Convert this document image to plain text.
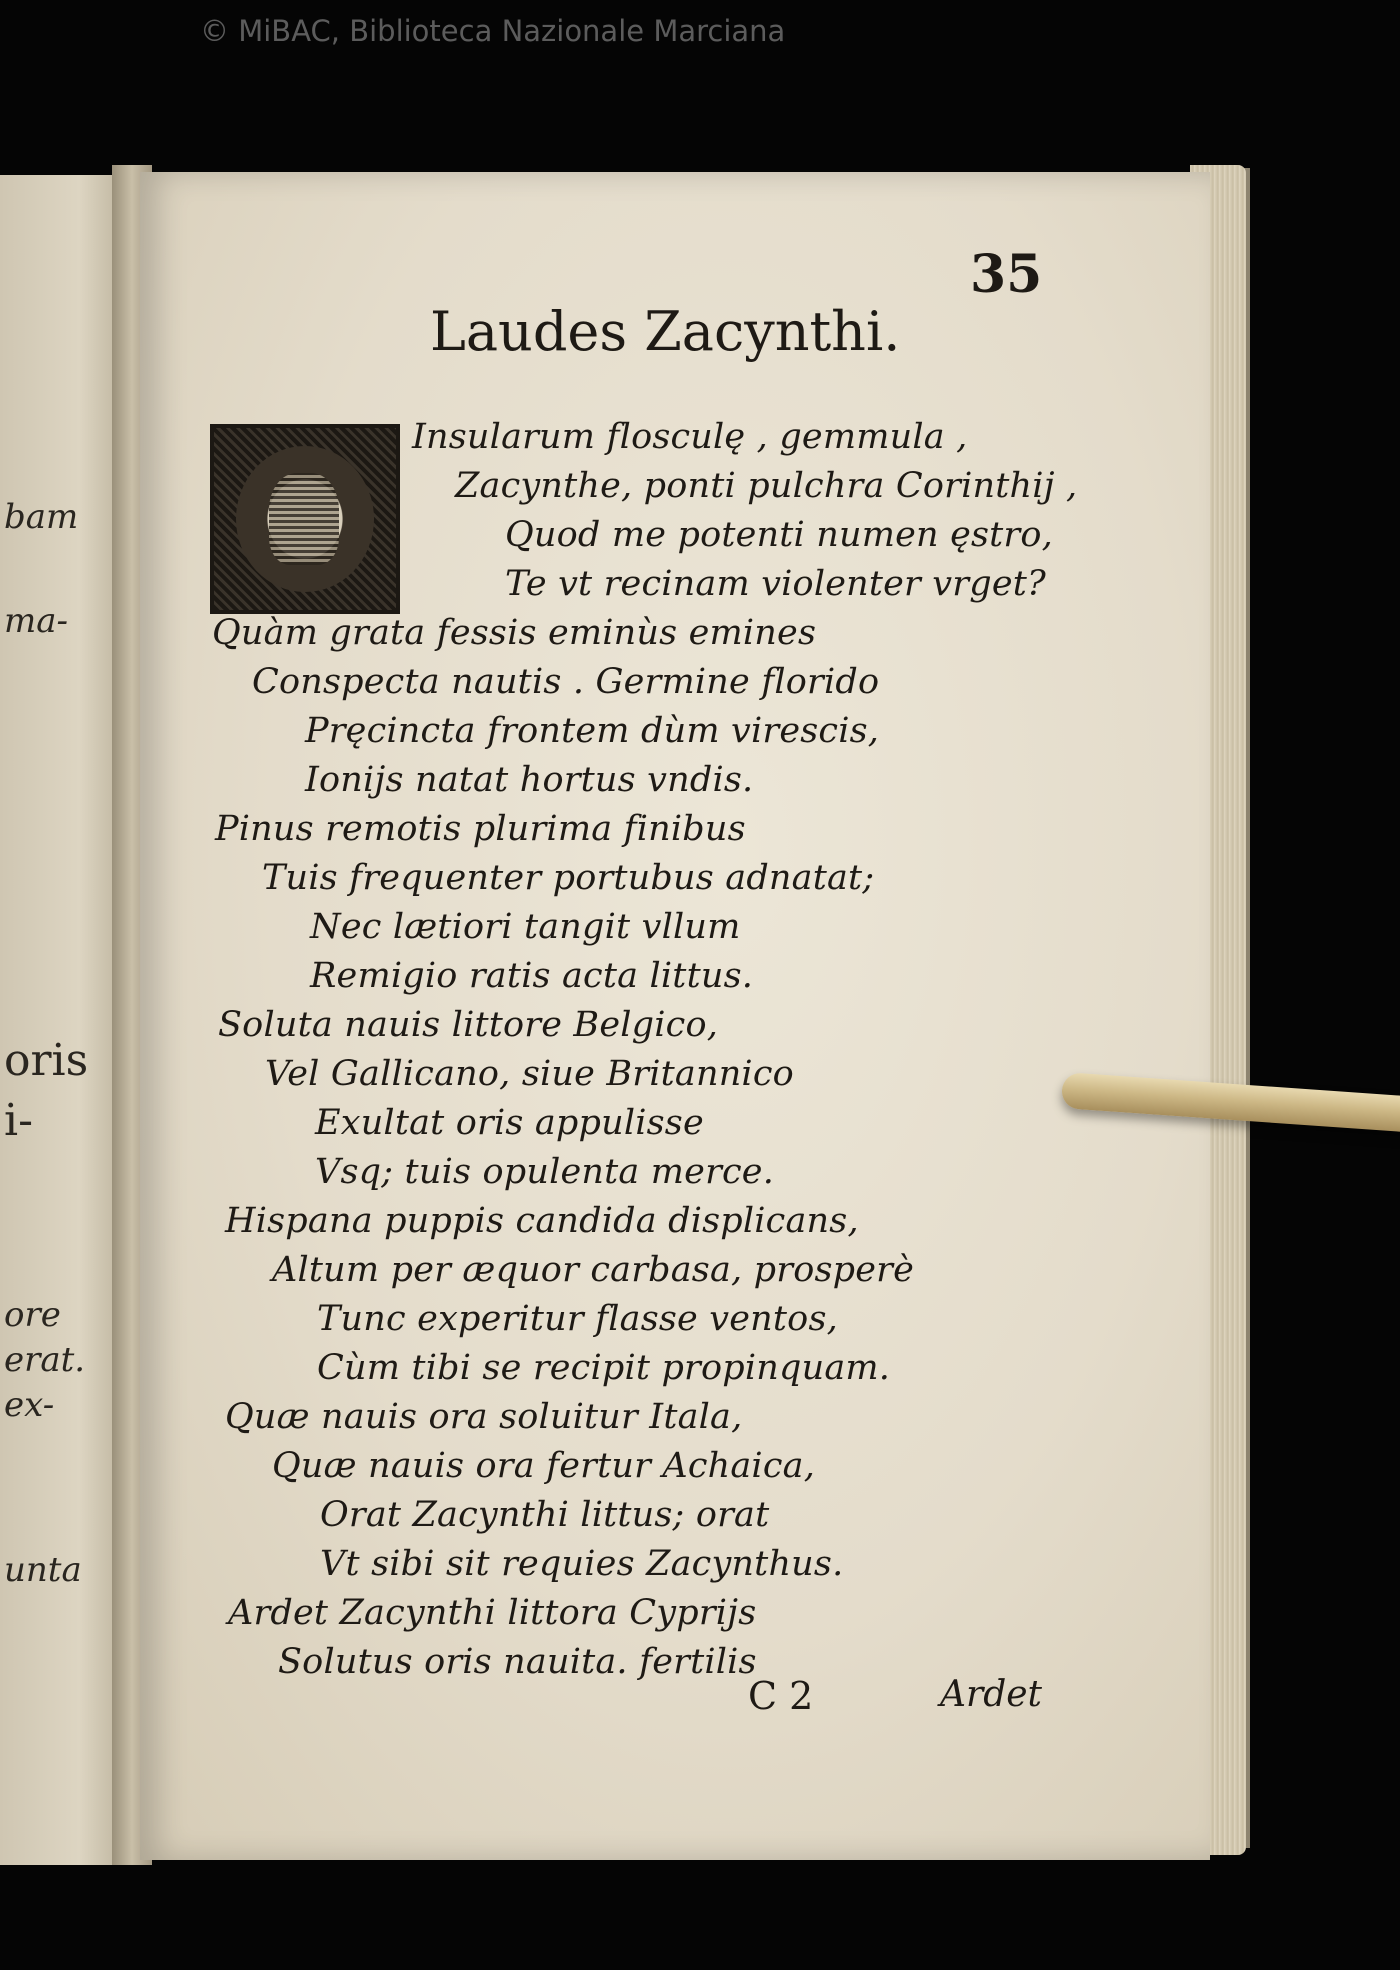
© MiBAC, Biblioteca Nazionale Marciana
bam
ma-
oris
i-
ore
erat.
ex-
unta
35
Laudes Zacynthi.
Insularum flosculę , gemmula ,
Zacynthe, ponti pulchra Corinthij ,
Quod me potenti numen ęstro,
Te vt recinam violenter vrget?
Quàm grata fessis eminùs emines
Conspecta nautis . Germine florido
Pręcincta frontem dùm virescis,
Ionijs natat hortus vndis.
Pinus remotis plurima finibus
Tuis frequenter portubus adnatat;
Nec lætiori tangit vllum
Remigio ratis acta littus.
Soluta nauis littore Belgico,
Vel Gallicano, siue Britannico
Exultat oris appulisse
Vsq; tuis opulenta merce.
Hispana puppis candida displicans,
Altum per æquor carbasa, prosperè
Tunc experitur flasse ventos,
Cùm tibi se recipit propinquam.
Quæ nauis ora soluitur Itala,
Quæ nauis ora fertur Achaica,
Orat Zacynthi littus; orat
Vt sibi sit requies Zacynthus.
Ardet Zacynthi littora Cyprijs
Solutus oris nauita. fertilis
C 2	Ardet
